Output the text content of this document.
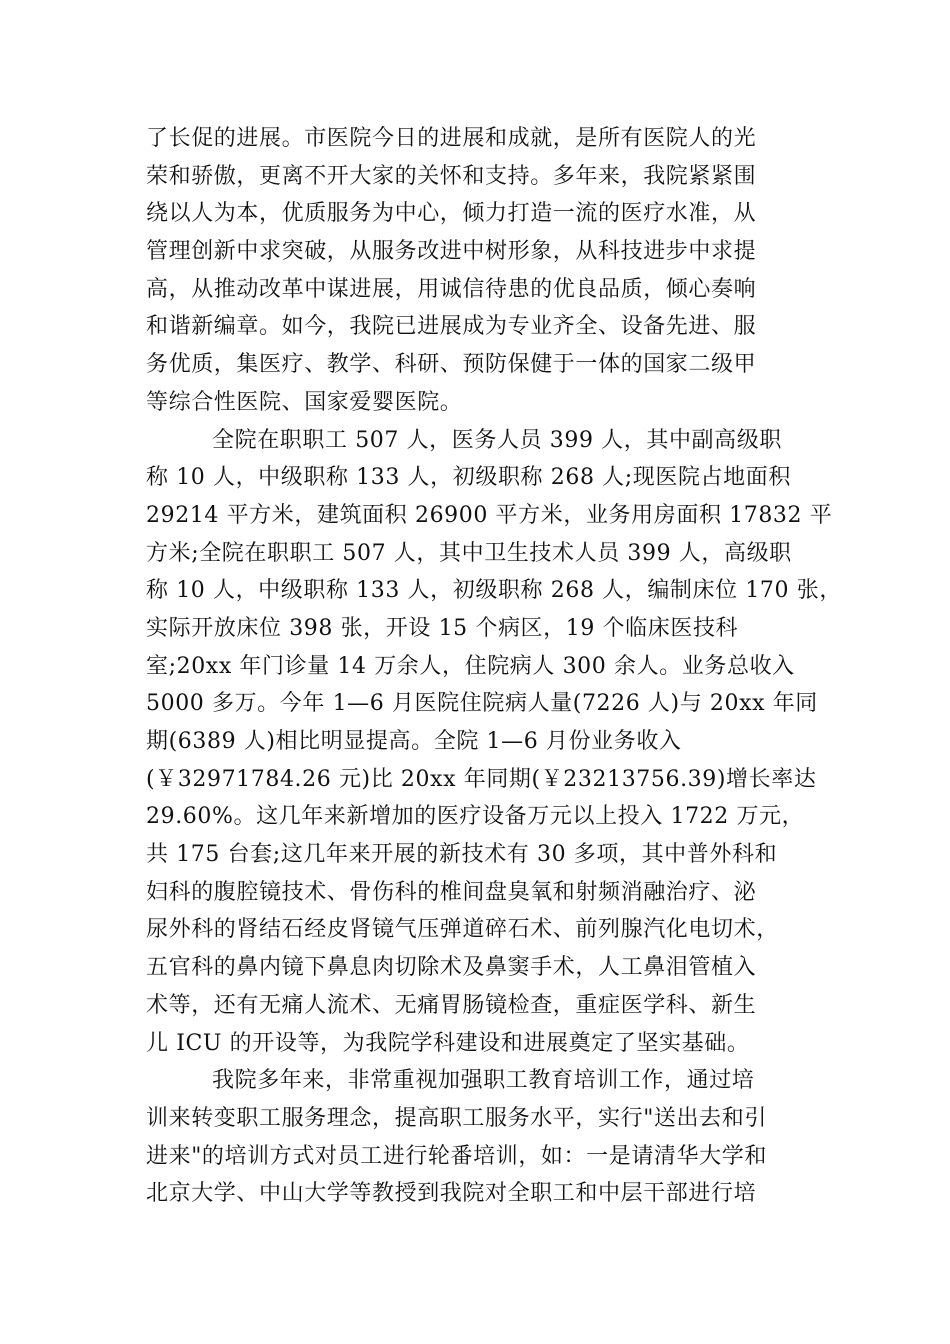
了长促的进展。市医院今日的进展和成就，是所有医院人的光
荣和骄傲，更离不开大家的关怀和支持。多年来，我院紧紧围
绕以人为本，优质服务为中心，倾力打造一流的医疗水准，从
管理创新中求突破，从服务改进中树形象，从科技进步中求提
高，从推动改革中谋进展，用诚信待患的优良品质，倾心奏响
和谐新编章。如今，我院已进展成为专业齐全、设备先进、服
务优质，集医疗、教学、科研、预防保健于一体的国家二级甲
等综合性医院、国家爱婴医院。
全院在职职工 507 人，医务人员 399 人，其中副高级职
称 10 人，中级职称 133 人，初级职称 268 人;现医院占地面积
29214 平方米，建筑面积 26900 平方米，业务用房面积 17832 平
方米;全院在职职工 507 人，其中卫生技术人员 399 人，高级职
称 10 人，中级职称 133 人，初级职称 268 人，编制床位 170 张，
实际开放床位 398 张，开设 15 个病区，19 个临床医技科
室;20xx 年门诊量 14 万余人，住院病人 300 余人。业务总收入
5000 多万。今年 1—6 月医院住院病人量(7226 人)与 20xx 年同
期(6389 人)相比明显提高。全院 1—6 月份业务收入
(￥32971784.26 元)比 20xx 年同期(￥23213756.39)增长率达
29.60%。这几年来新增加的医疗设备万元以上投入 1722 万元，
共 175 台套;这几年来开展的新技术有 30 多项，其中普外科和
妇科的腹腔镜技术、骨伤科的椎间盘臭氧和射频消融治疗、泌
尿外科的肾结石经皮肾镜气压弹道碎石术、前列腺汽化电切术，
五官科的鼻内镜下鼻息肉切除术及鼻窦手术，人工鼻泪管植入
术等，还有无痛人流术、无痛胃肠镜检查，重症医学科、新生
儿 ICU 的开设等，为我院学科建设和进展奠定了坚实基础。
我院多年来，非常重视加强职工教育培训工作，通过培
训来转变职工服务理念，提高职工服务水平，实行"送出去和引
进来"的培训方式对员工进行轮番培训，如：一是请清华大学和
北京大学、中山大学等教授到我院对全职工和中层干部进行培
